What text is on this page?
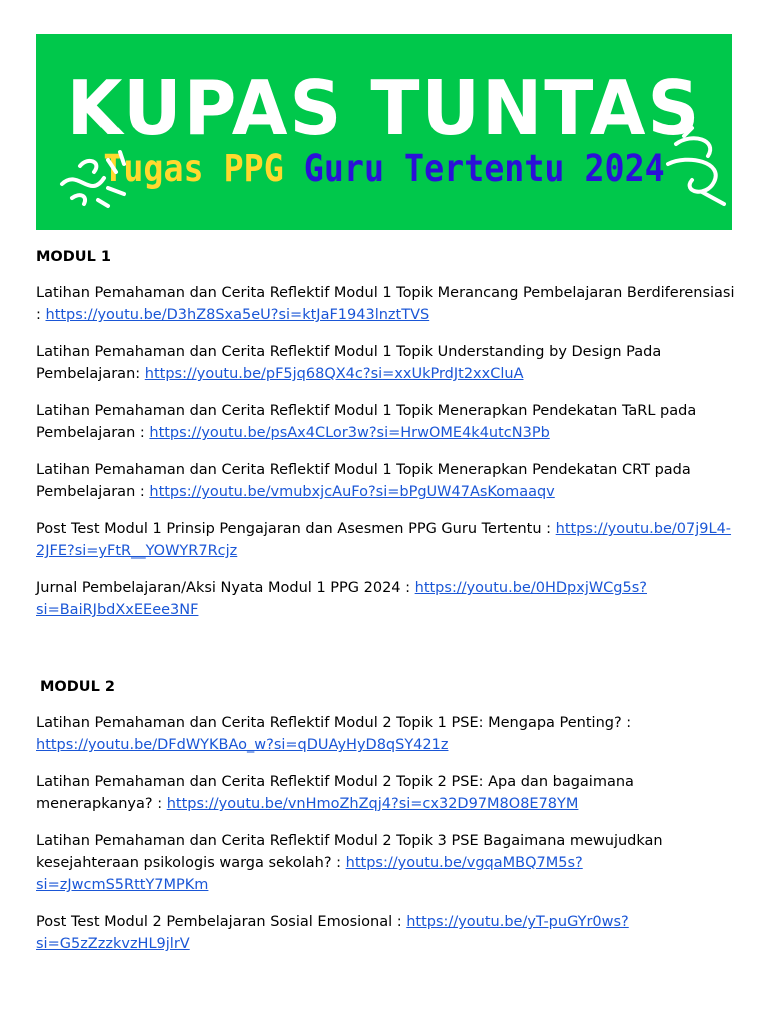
KUPAS TUNTAS
Tugas PPG Guru Tertentu 2024
MODUL 1
Latihan Pemahaman dan Cerita Reflektif Modul 1 Topik Merancang Pembelajaran Berdiferensiasi : https://youtu.be/D3hZ8Sxa5eU?si=ktJaF1943lnztTVS
Latihan Pemahaman dan Cerita Reflektif Modul 1 Topik Understanding by Design Pada Pembelajaran: https://youtu.be/pF5jq68QX4c?si=xxUkPrdJt2xxCluA
Latihan Pemahaman dan Cerita Reflektif Modul 1 Topik Menerapkan Pendekatan TaRL pada Pembelajaran : https://youtu.be/psAx4CLor3w?si=HrwOME4k4utcN3Pb
Latihan Pemahaman dan Cerita Reflektif Modul 1 Topik Menerapkan Pendekatan CRT pada Pembelajaran : https://youtu.be/vmubxjcAuFo?si=bPgUW47AsKomaaqv
Post Test Modul 1 Prinsip Pengajaran dan Asesmen PPG Guru Tertentu : https://youtu.be/07j9L4-2JFE?si=yFtR__YOWYR7Rcjz
Jurnal Pembelajaran/Aksi Nyata Modul 1 PPG 2024 : https://youtu.be/0HDpxjWCg5s?si=BaiRJbdXxEEee3NF
MODUL 2
Latihan Pemahaman dan Cerita Reflektif Modul 2 Topik 1 PSE: Mengapa Penting? : https://youtu.be/DFdWYKBAo_w?si=qDUAyHyD8qSY421z
Latihan Pemahaman dan Cerita Reflektif Modul 2 Topik 2 PSE: Apa dan bagaimana menerapkanya? : https://youtu.be/vnHmoZhZqj4?si=cx32D97M8O8E78YM
Latihan Pemahaman dan Cerita Reflektif Modul 2 Topik 3 PSE Bagaimana mewujudkan kesejahteraan psikologis warga sekolah? : https://youtu.be/vgqaMBQ7M5s?si=zJwcmS5RttY7MPKm
Post Test Modul 2 Pembelajaran Sosial Emosional : https://youtu.be/yT-puGYr0ws?si=G5zZzzkvzHL9jlrV
